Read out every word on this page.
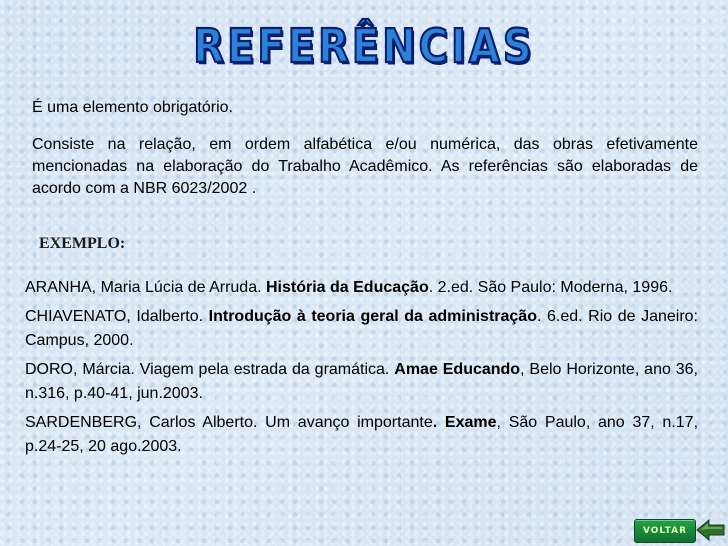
REFERÊNCIAS

É uma elemento obrigatório.

Consiste na relação, em ordem alfabética e/ou numérica, das obras efetivamente mencionadas na elaboração do Trabalho Acadêmico. As referências são elaboradas de acordo com a NBR 6023/2002 .

EXEMPLO:

ARANHA, Maria Lúcia de Arruda. História da Educação. 2.ed. São Paulo: Moderna, 1996.

CHIAVENATO, Idalberto. Introdução à teoria geral da administração. 6.ed. Rio de Janeiro: Campus, 2000.

DORO, Márcia. Viagem pela estrada da gramática. Amae Educando, Belo Horizonte, ano 36, n.316, p.40-41, jun.2003.

SARDENBERG, Carlos Alberto. Um avanço importante. Exame, São Paulo, ano 37, n.17, p.24-25, 20 ago.2003.

VOLTAR
